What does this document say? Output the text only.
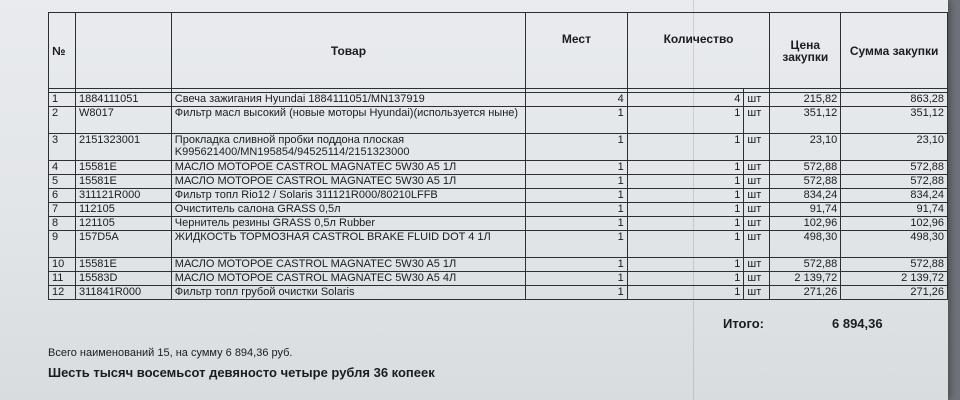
№		Товар	Мест	Количество		Цена закупки	Сумма закупки

1	1884111051	Свеча зажигания Hyundai 1884111051/MN137919	4	4	шт	215,82	863,28
2	W8017	Фильтр масл высокий (новые моторы Hyundai)(используется ныне)	1	1	шт	351,12	351,12
3	2151323001	Прокладка сливной пробки поддона плоская K995621400/MN195854/94525114/2151323000	1	1	шт	23,10	23,10
4	15581E	МАСЛО МОТОРОЕ CASTROL MAGNATEC 5W30 A5 1Л	1	1	шт	572,88	572,88
5	15581E	МАСЛО МОТОРОЕ CASTROL MAGNATEC 5W30 A5 1Л	1	1	шт	572,88	572,88
6	311121R000	Фильтр топл Rio12 / Solaris 311121R000/80210LFFB	1	1	шт	834,24	834,24
7	112105	Очиститель салона GRASS 0,5л	1	1	шт	91,74	91,74
8	121105	Чернитель резины GRASS 0,5л Rubber	1	1	шт	102,96	102,96
9	157D5A	ЖИДКОСТЬ ТОРМОЗНАЯ CASTROL BRAKE FLUID DOT 4 1Л	1	1	шт	498,30	498,30
10	15581E	МАСЛО МОТОРОЕ CASTROL MAGNATEC 5W30 A5 1Л	1	1	шт	572,88	572,88
11	15583D	МАСЛО МОТОРОЕ CASTROL MAGNATEC 5W30 A5 4Л	1	1	шт	2 139,72	2 139,72
12	311841R000	Фильтр топл грубой очистки Solaris	1	1	шт	271,26	271,26
Итого:	6 894,36
Всего наименований 15, на сумму 6 894,36 руб.
Шесть тысяч восемьсот девяносто четыре рубля 36 копеек
